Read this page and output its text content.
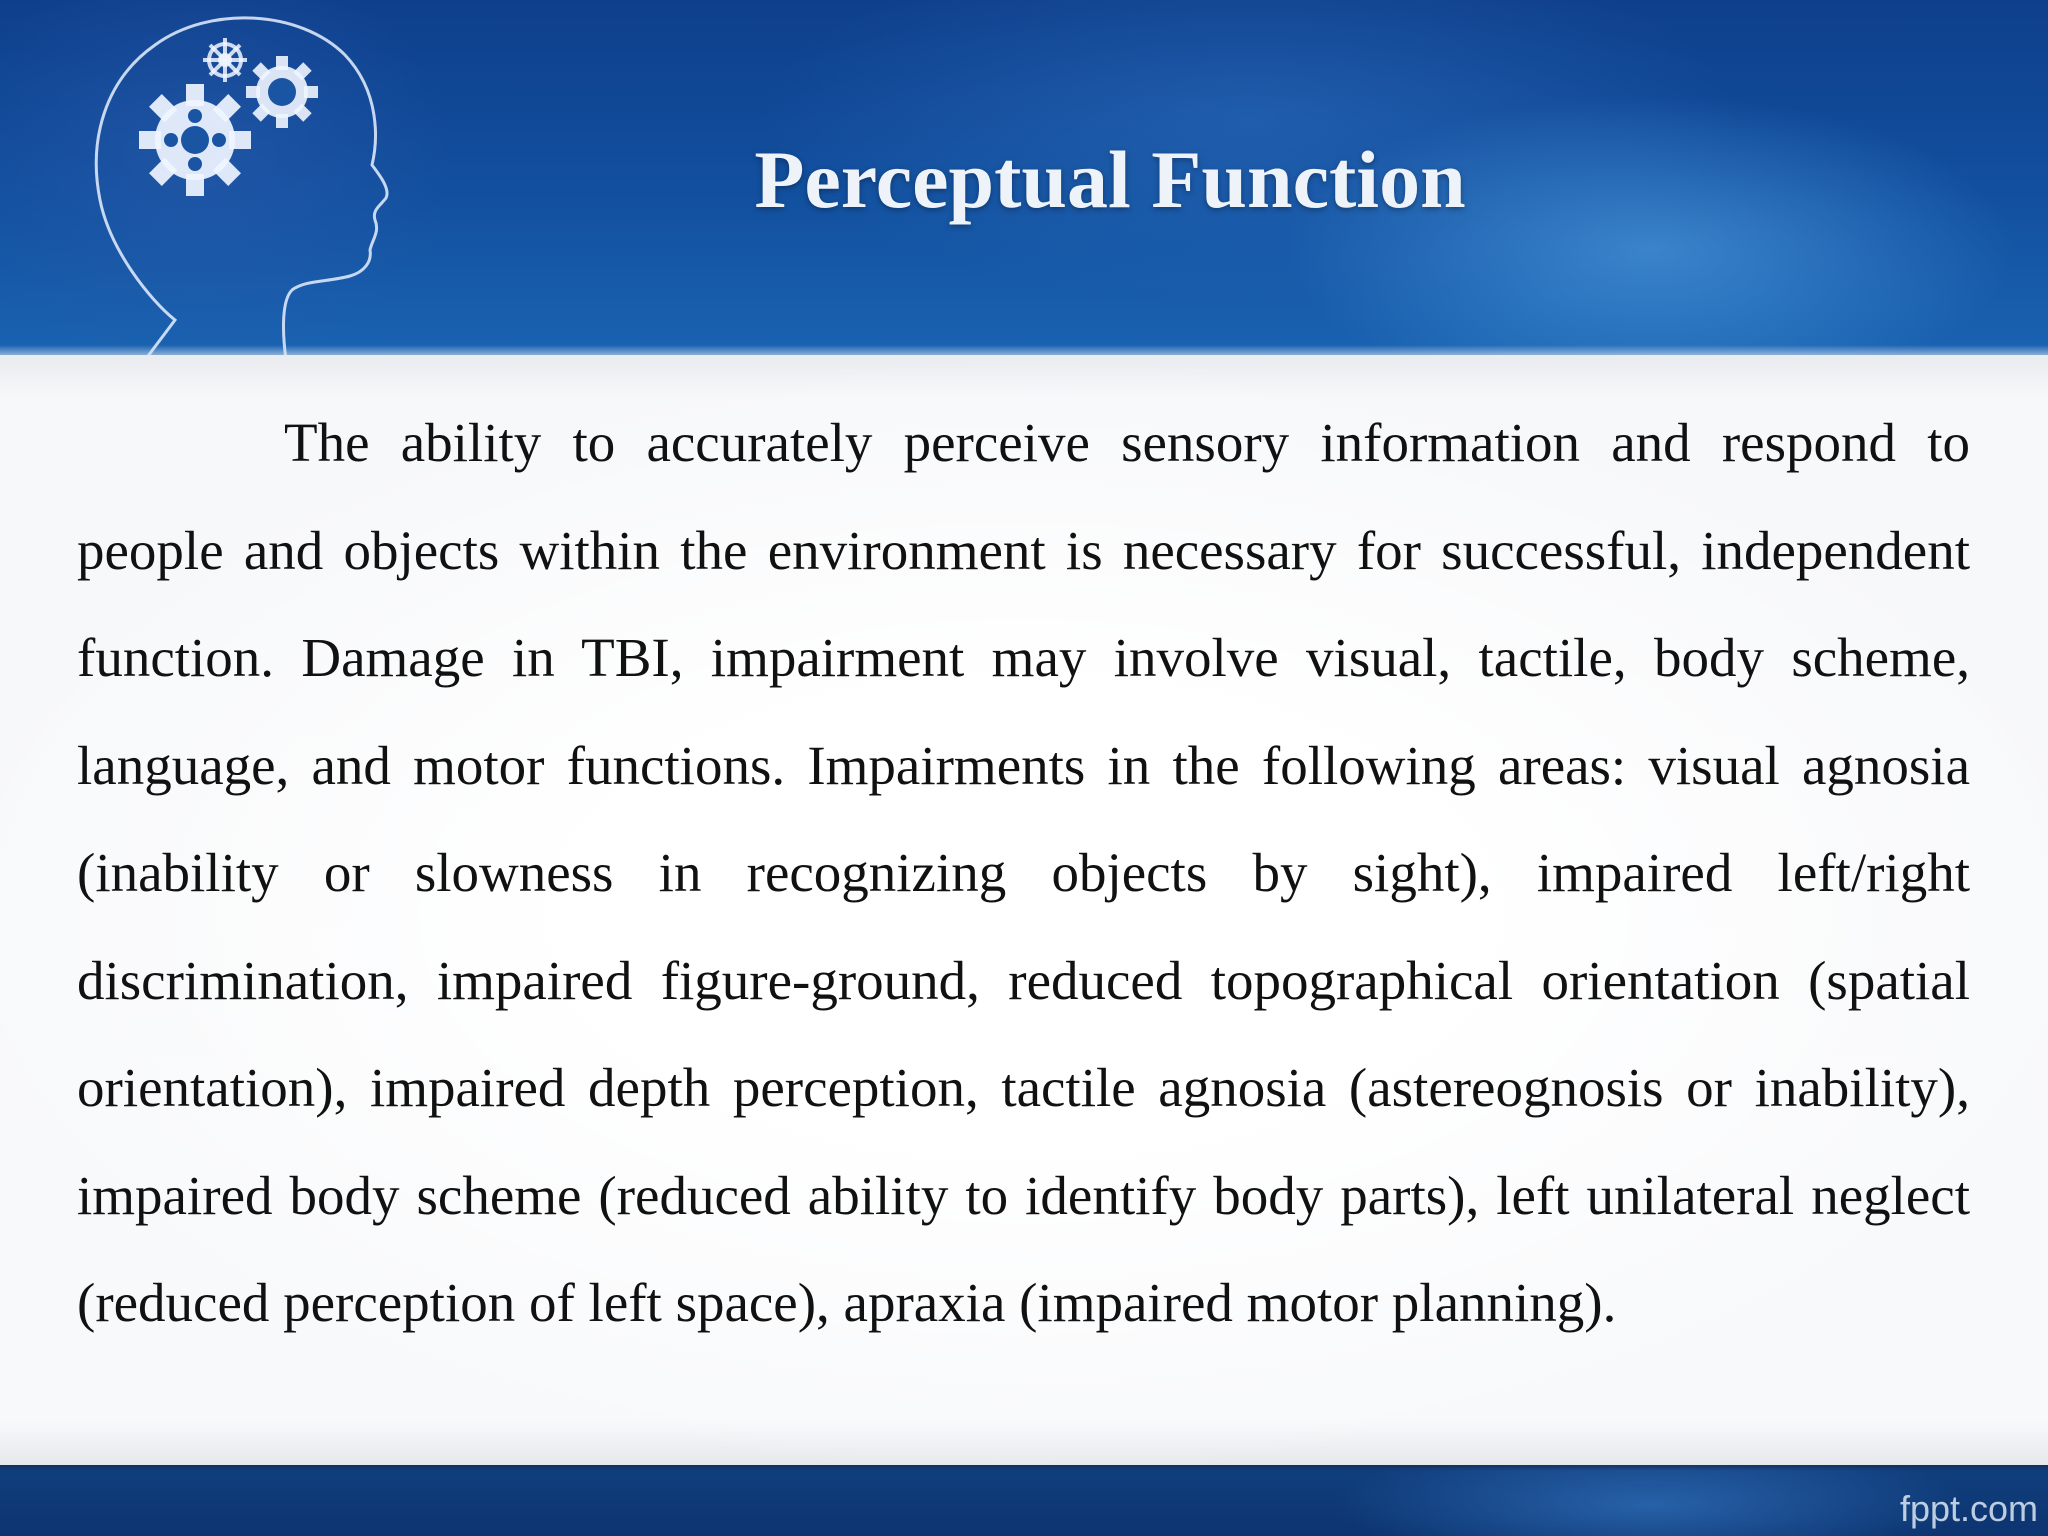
Perceptual Function

The ability to accurately perceive sensory information and respond to people and objects within the environment is necessary for successful, independent function. Damage in TBI, impairment may involve visual, tactile, body scheme, language, and motor functions. Impairments in the following areas: visual agnosia (inability or slowness in recognizing objects by sight), impaired left/right discrimination, impaired figure-ground, reduced topographical orientation (spatial orientation), impaired depth perception, tactile agnosia (astereognosis or inability), impaired body scheme (reduced ability to identify body parts), left unilateral neglect (reduced perception of left space), apraxia (impaired motor planning).

fppt.com
